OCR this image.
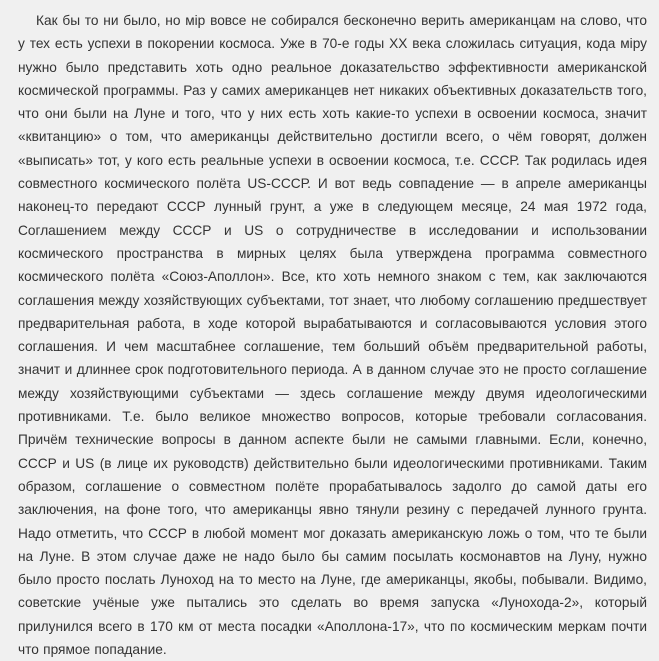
Как бы то ни было, но мiр вовсе не собирался бесконечно верить американцам на слово, что у тех есть успехи в покорении космоса. Уже в 70-е годы ХХ века сложилась ситуация, кода мiру нужно было представить хоть одно реальное доказательство эффективности американской космической программы. Раз у самих американцев нет никаких объективных доказательств того, что они были на Луне и того, что у них есть хоть какие-то успехи в освоении космоса, значит «квитанцию» о том, что американцы действительно достигли всего, о чём говорят, должен «выписать» тот, у кого есть реальные успехи в освоении космоса, т.е. СССР. Так родилась идея совместного космического полёта US-СССР. И вот ведь совпадение — в апреле американцы наконец-то передают СССР лунный грунт, а уже в следующем месяце, 24 мая 1972 года, Соглашением между СССР и US о сотрудничестве в исследовании и использовании космического пространства в мирных целях была утверждена программа совместного космического полёта «Союз-Аполлон». Все, кто хоть немного знаком с тем, как заключаются соглашения между хозяйствующих субъектами, тот знает, что любому соглашению предшествует предварительная работа, в ходе которой вырабатываются и согласовываются условия этого соглашения. И чем масштабнее соглашение, тем больший объём предварительной работы, значит и длиннее срок подготовительного периода. А в данном случае это не просто соглашение между хозяйствующими субъектами — здесь соглашение между двумя идеологическими противниками. Т.е. было великое множество вопросов, которые требовали согласования. Причём технические вопросы в данном аспекте были не самыми главными. Если, конечно, СССР и US (в лице их руководств) действительно были идеологическими противниками. Таким образом, соглашение о совместном полёте прорабатывалось задолго до самой даты его заключения, на фоне того, что американцы явно тянули резину с передачей лунного грунта. Надо отметить, что СССР в любой момент мог доказать американскую ложь о том, что те были на Луне. В этом случае даже не надо было бы самим посылать космонавтов на Луну, нужно было просто послать Луноход на то место на Луне, где американцы, якобы, побывали. Видимо, советские учёные уже пытались это сделать во время запуска «Лунохода-2», который прилунился всего в 170 км от места посадки «Аполлона-17», что по космическим меркам почти что прямое попадание.
